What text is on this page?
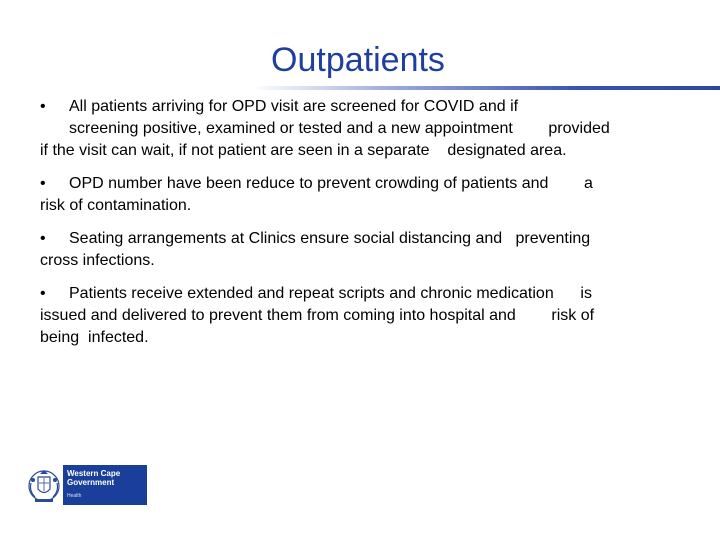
Outpatients
• All patients arriving for OPD visit are screened for COVID and if
screening positive, examined or tested and a new appointment        provided
if the visit can wait, if not patient are seen in a separate    designated area.
• OPD number have been reduce to prevent crowding of patients and        a
risk of contamination.
• Seating arrangements at Clinics ensure social distancing and   preventing
cross infections.
• Patients receive extended and repeat scripts and chronic medication      is
issued and delivered to prevent them from coming into hospital and        risk of
being  infected.
Western Cape
Government
Health
